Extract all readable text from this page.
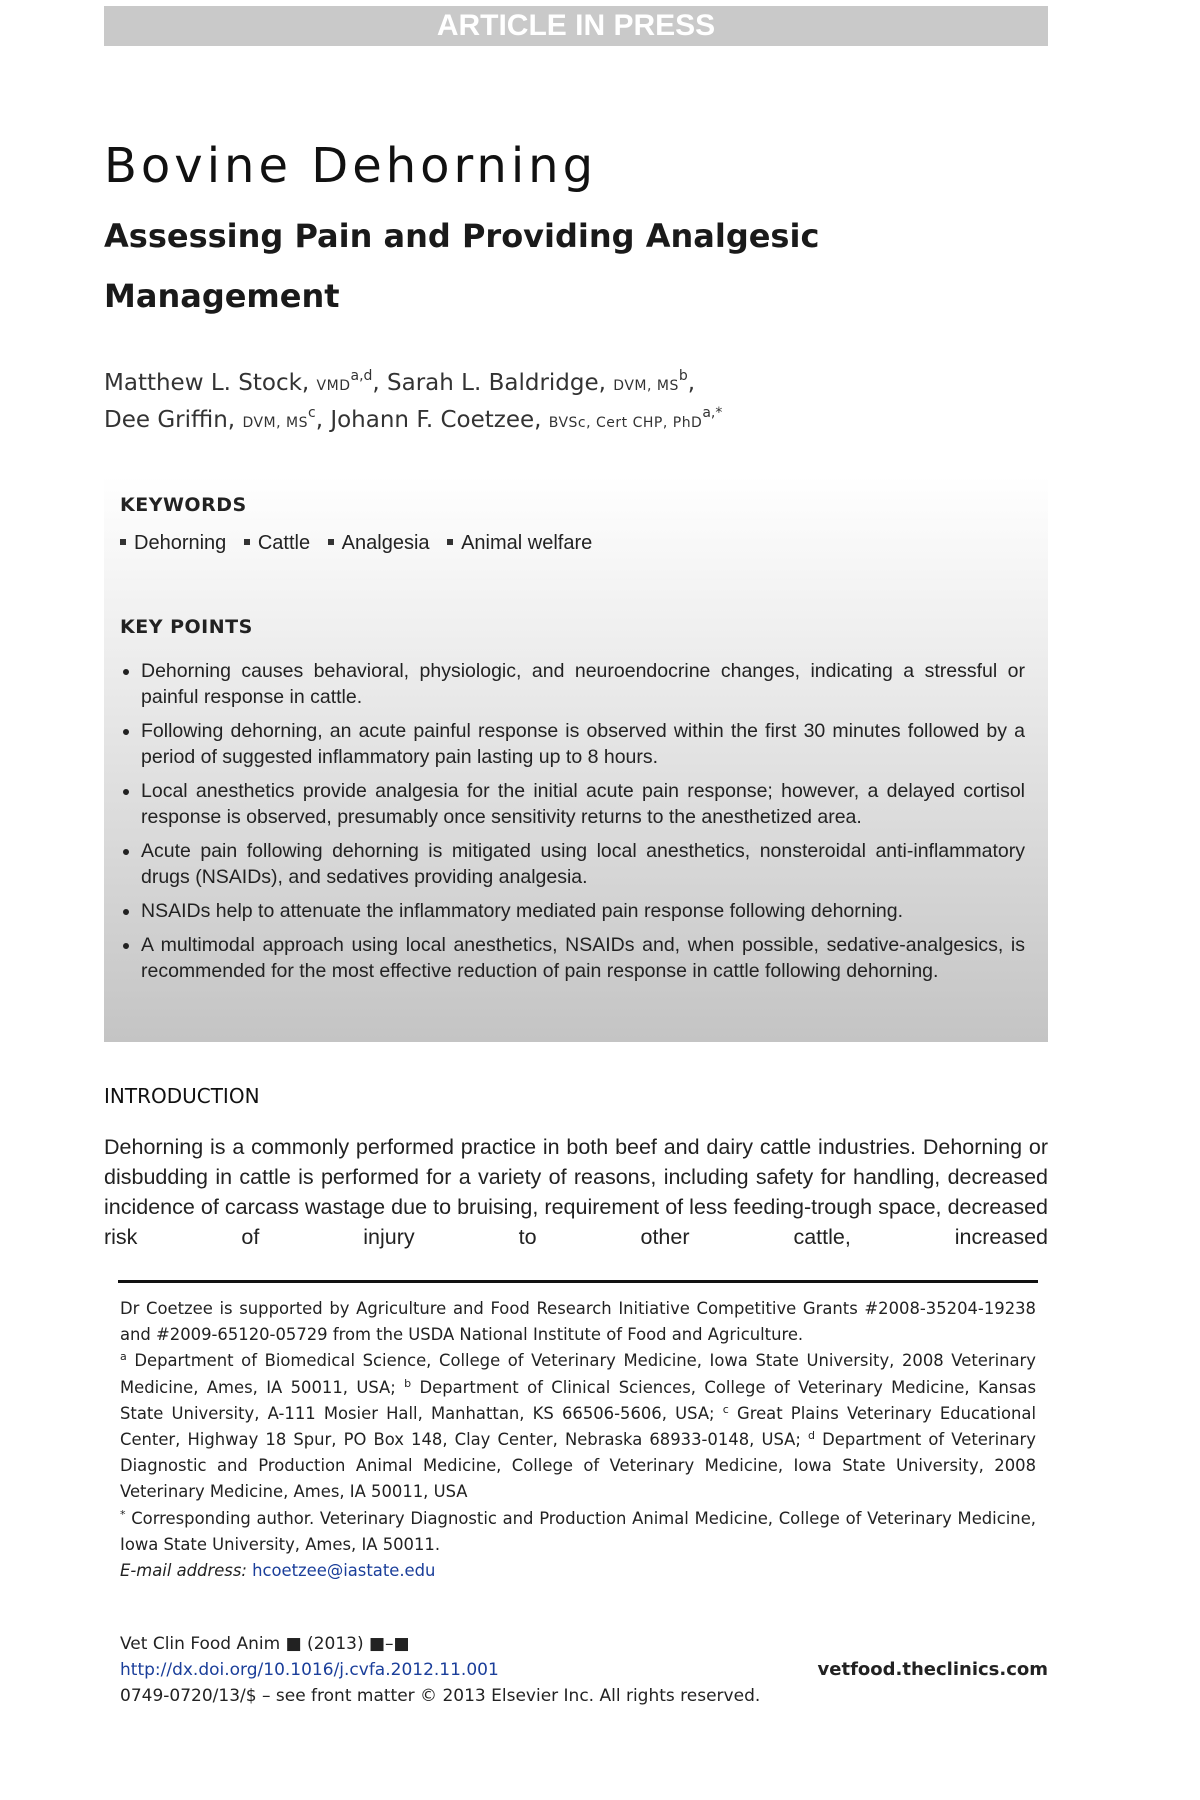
ARTICLE IN PRESS
Bovine Dehorning
Assessing Pain and Providing Analgesic Management
Matthew L. Stock, VMD$^{a,d}$, Sarah L. Baldridge, DVM, $MS^b$,
Dee Griffin, DVM, $MS^c$, Johann F. Coetzee, BVSc, Cert CHP, PhD$^{a,*}$
KEYWORDS
Dehorning Cattle Analgesia Animal welfare
KEY POINTS
Dehorning causes behavioral, physiologic, and neuroendocrine changes, indicating a stressful or painful response in cattle.
Following dehorning, an acute painful response is observed within the first 30 minutes followed by a period of suggested inflammatory pain lasting up to 8 hours.
Local anesthetics provide analgesia for the initial acute pain response; however, a delayed cortisol response is observed, presumably once sensitivity returns to the anesthetized area.
Acute pain following dehorning is mitigated using local anesthetics, nonsteroidal anti-inflammatory drugs (NSAIDs), and sedatives providing analgesia.
NSAIDs help to attenuate the inflammatory mediated pain response following dehorning.
A multimodal approach using local anesthetics, NSAIDs and, when possible, sedative-analgesics, is recommended for the most effective reduction of pain response in cattle following dehorning.
INTRODUCTION

Dehorning is a commonly performed practice in both beef and dairy cattle industries. Dehorning or disbudding in cattle is performed for a variety of reasons, including safety for handling, decreased incidence of carcass wastage due to bruising, requirement of less feeding-trough space, decreased risk of injury to other cattle, increased

Dr Coetzee is supported by Agriculture and Food Research Initiative Competitive Grants #2008-35204-19238 and #2009-65120-05729 from the USDA National Institute of Food and Agriculture.

$^a$ Department of Biomedical Science, College of Veterinary Medicine, Iowa State University, 2008 Veterinary Medicine, Ames, IA 50011, USA; $^b$ Department of Clinical Sciences, College of Veterinary Medicine, Kansas State University, A-111 Mosier Hall, Manhattan, KS 66506-5606, USA; $^c$ Great Plains Veterinary Educational Center, Highway 18 Spur, PO Box 148, Clay Center, Nebraska 68933-0148, USA; $^d$ Department of Veterinary Diagnostic and Production Animal Medicine, College of Veterinary Medicine, Iowa State University, 2008 Veterinary Medicine, Ames, IA 50011, USA

* Corresponding author. Veterinary Diagnostic and Production Animal Medicine, College of Veterinary Medicine, Iowa State University, Ames, IA 50011.

E-mail address: hcoetzee@iastate.edu

Vet Clin Food Anim ■ (2013) ■–■
http://dx.doi.org/10.1016/j.cvfa.2012.11.001
0749-0720/13/$ – see front matter © 2013 Elsevier Inc. All rights reserved.
vetfood.theclinics.com
